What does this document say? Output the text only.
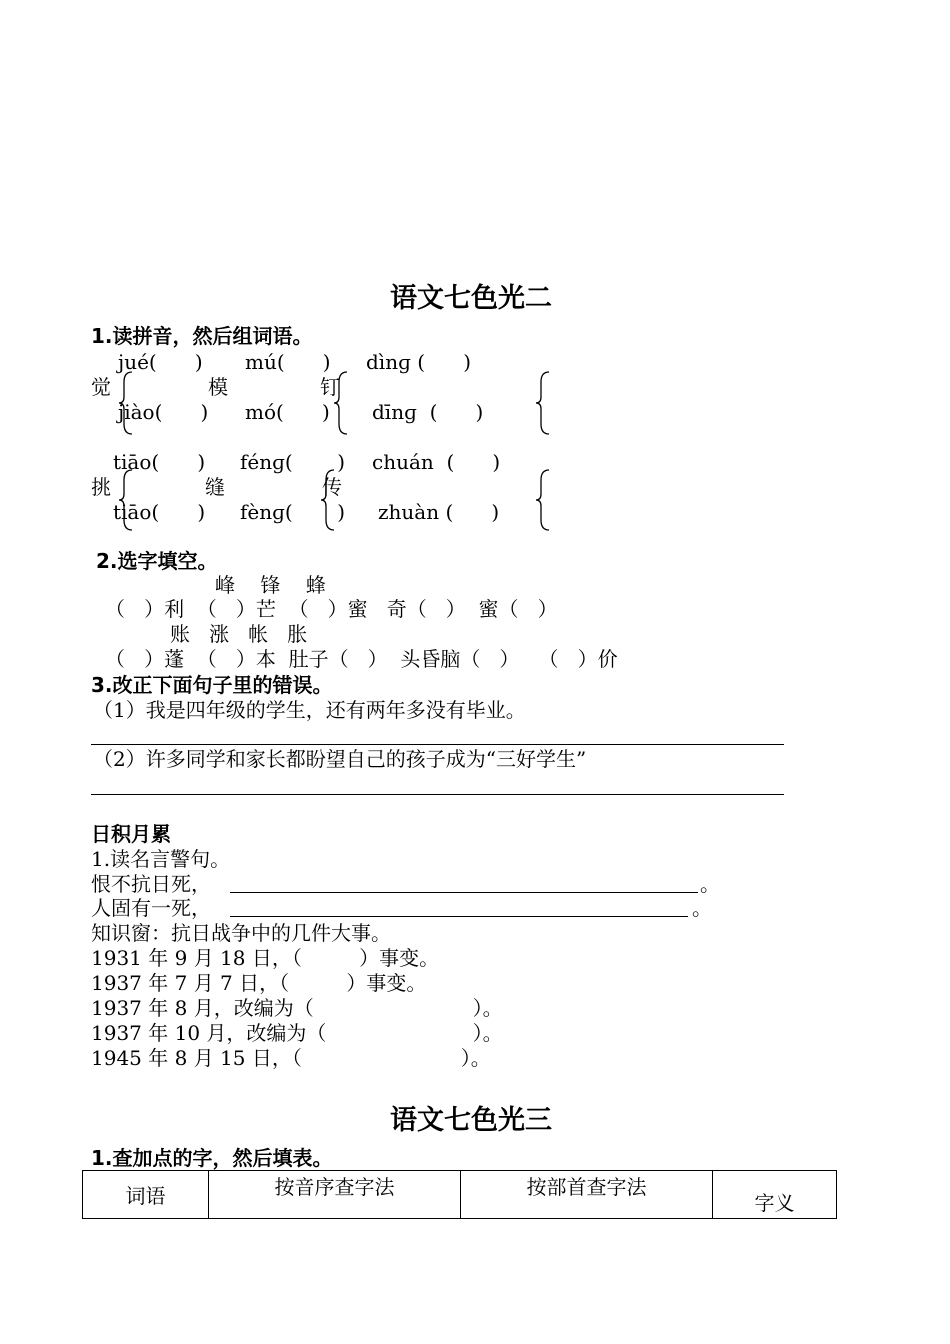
语文七色光二
1.读拼音，然后组词语。
jué(      )
觉
jiào(      )
mú(      )
模
mó(      )
dìnɡ (      )
钉
dīnɡ  (      )
tiāo(      )
挑
tiāo(      )
fénɡ(       )
缝
fènɡ(       )
chuán  (      )
传
zhuàn (      )
2.选字填空。
峰    锋    蜂
（   ）利  （   ）芒  （   ）蜜   奇（   ）  蜜（   ）
账   涨   帐   胀
（   ）蓬  （   ）本  肚子（   ）  头昏脑（   ）   （   ）价
3.改正下面句子里的错误。
（1）我是四年级的学生，还有两年多没有毕业。
（2）许多同学和家长都盼望自己的孩子成为“三好学生”
日积月累
1.读名言警句。
恨不抗日死，	。
人固有一死，	。
知识窗：抗日战争中的几件大事。
1931 年 9 月 18 日，（         ）事变。
1937 年 7 月 7 日，（         ）事变。
1937 年 8 月，改编为（                         ）。
1937 年 10 月，改编为（                       ）。
1945 年 8 月 15 日，（                         ）。
语文七色光三
1.查加点的字，然后填表。
词语	按音序查字法	按部首查字法	字义
